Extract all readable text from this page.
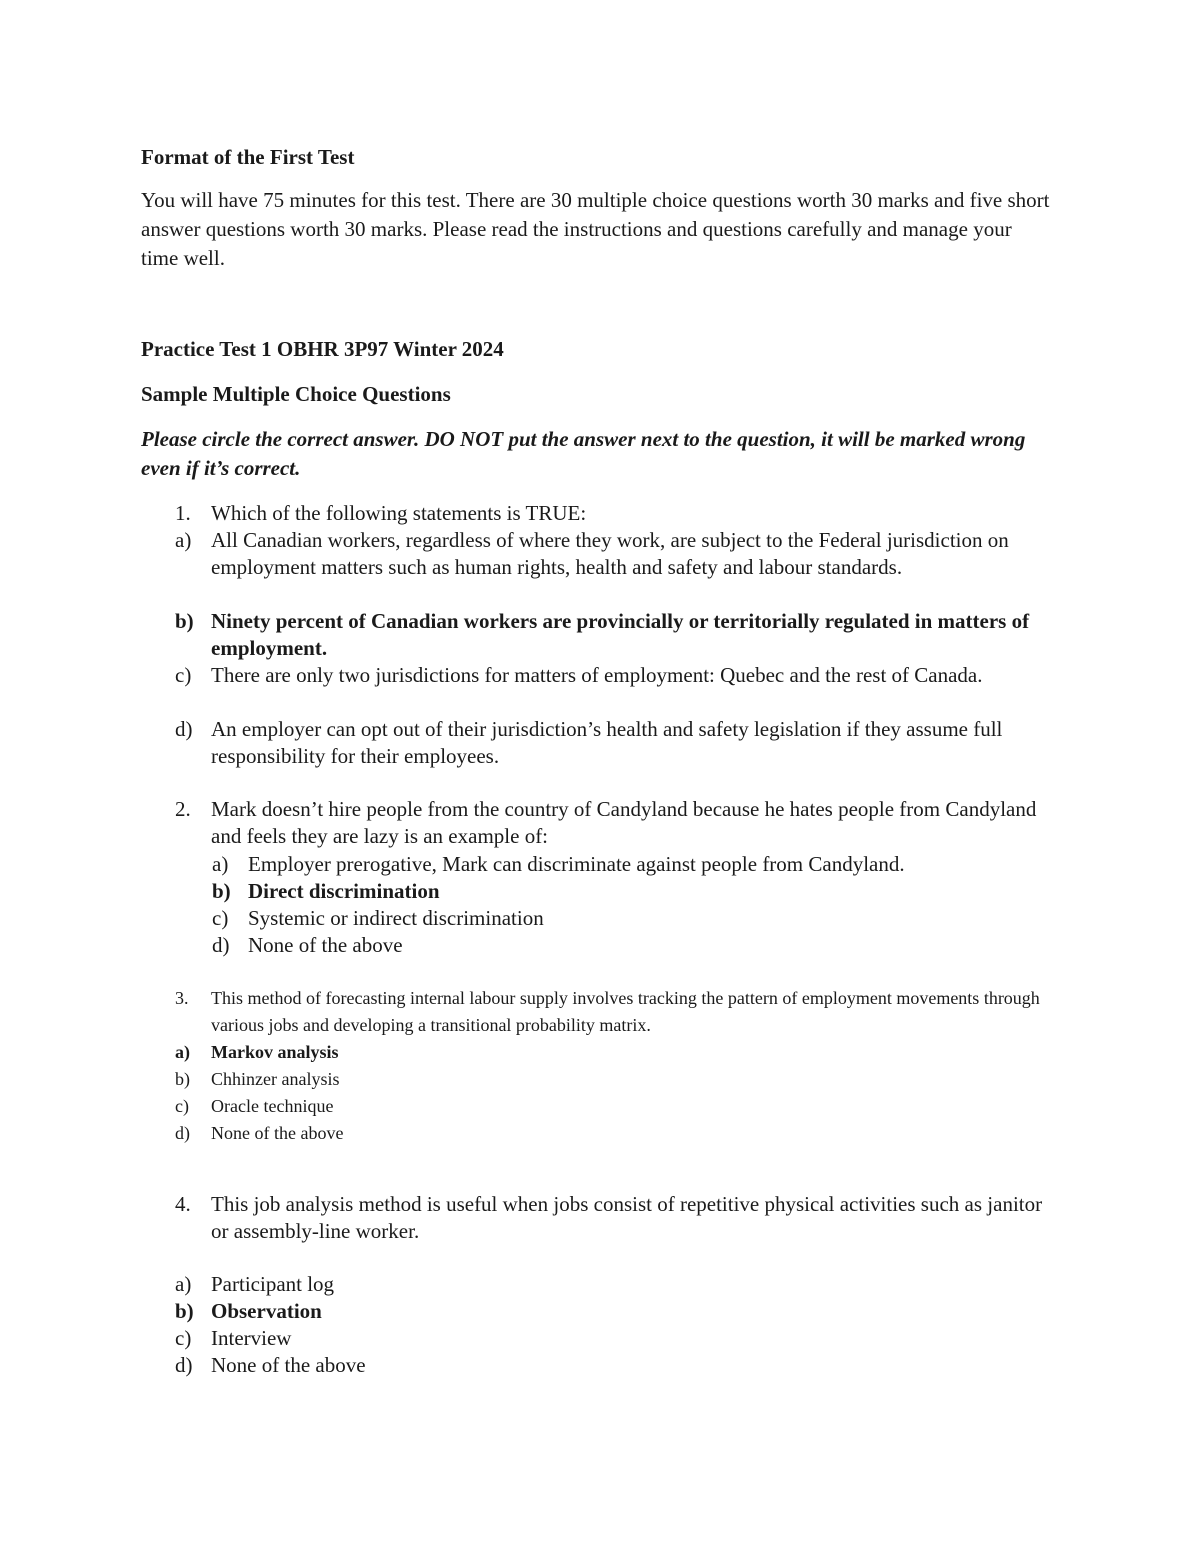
Format of the First Test
You will have 75 minutes for this test. There are 30 multiple choice questions worth 30 marks and five short answer questions worth 30 marks. Please read the instructions and questions carefully and manage your time well.
Practice Test 1 OBHR 3P97 Winter 2024
Sample Multiple Choice Questions
Please circle the correct answer. DO NOT put the answer next to the question, it will be marked wrong even if it’s correct.
1. Which of the following statements is TRUE:
a) All Canadian workers, regardless of where they work, are subject to the Federal jurisdiction on employment matters such as human rights, health and safety and labour standards.
b) Ninety percent of Canadian workers are provincially or territorially regulated in matters of employment.
c) There are only two jurisdictions for matters of employment: Quebec and the rest of Canada.
d) An employer can opt out of their jurisdiction’s health and safety legislation if they assume full responsibility for their employees.
2. Mark doesn’t hire people from the country of Candyland because he hates people from Candyland and feels they are lazy is an example of:
a) Employer prerogative, Mark can discriminate against people from Candyland.
b) Direct discrimination
c) Systemic or indirect discrimination
d) None of the above
3.	This method of forecasting internal labour supply involves tracking the pattern of employment movements through various jobs and developing a transitional probability matrix.
a)	Markov analysis
b)	Chhinzer analysis
c)	Oracle technique
d)	None of the above
4. This job analysis method is useful when jobs consist of repetitive physical activities such as janitor or assembly-line worker.
a) Participant log
b) Observation
c) Interview
d) None of the above
